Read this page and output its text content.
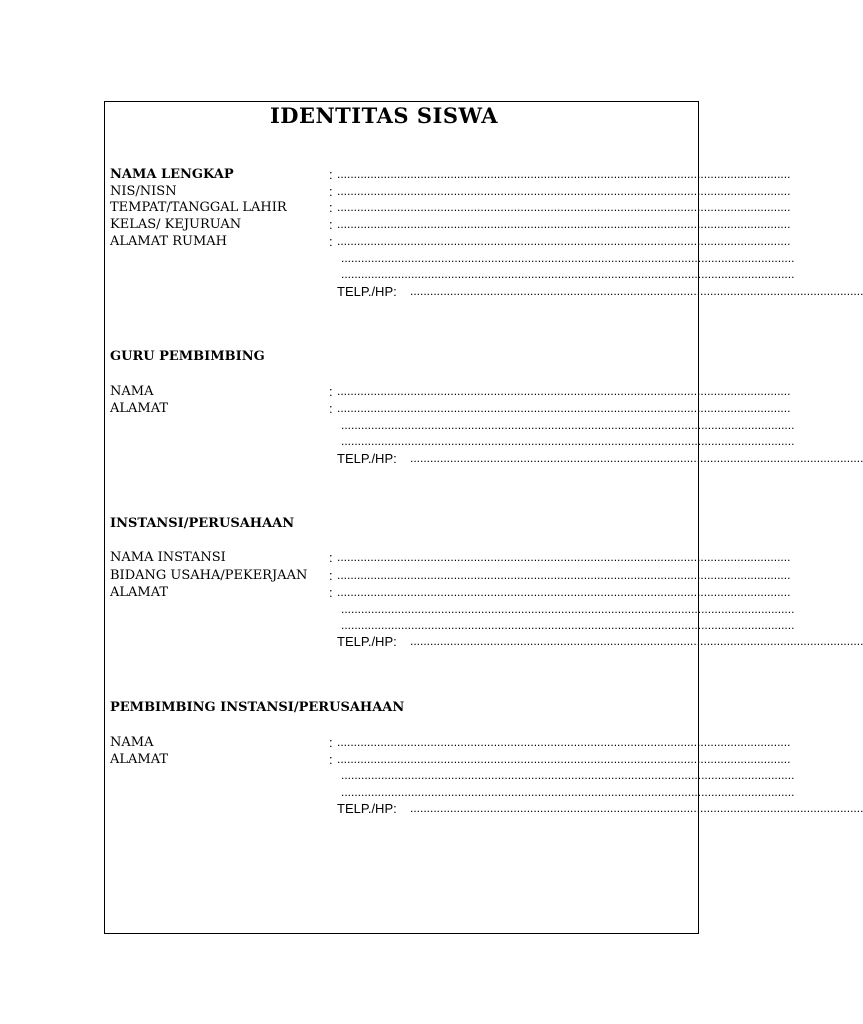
IDENTITAS SISWA
NAMA LENGKAP	: ........................................................................................................................................
NIS/NISN	: ........................................................................................................................................
TEMPAT/TANGGAL LAHIR	: ........................................................................................................................................
KELAS/ KEJURUAN	: ........................................................................................................................................
ALAMAT RUMAH	: ........................................................................................................................................
........................................................................................................................................
........................................................................................................................................
TELP./HP: ........................................................................................................................................
GURU PEMBIMBING
NAMA	: ........................................................................................................................................
ALAMAT	: ........................................................................................................................................
........................................................................................................................................
........................................................................................................................................
TELP./HP: ........................................................................................................................................
INSTANSI/PERUSAHAAN
NAMA INSTANSI	: ........................................................................................................................................
BIDANG USAHA/PEKERJAAN : ........................................................................................................................................
ALAMAT	: ........................................................................................................................................
........................................................................................................................................
........................................................................................................................................
TELP./HP: ........................................................................................................................................
PEMBIMBING INSTANSI/PERUSAHAAN
NAMA	: ........................................................................................................................................
ALAMAT	: ........................................................................................................................................
........................................................................................................................................
........................................................................................................................................
TELP./HP: ........................................................................................................................................
